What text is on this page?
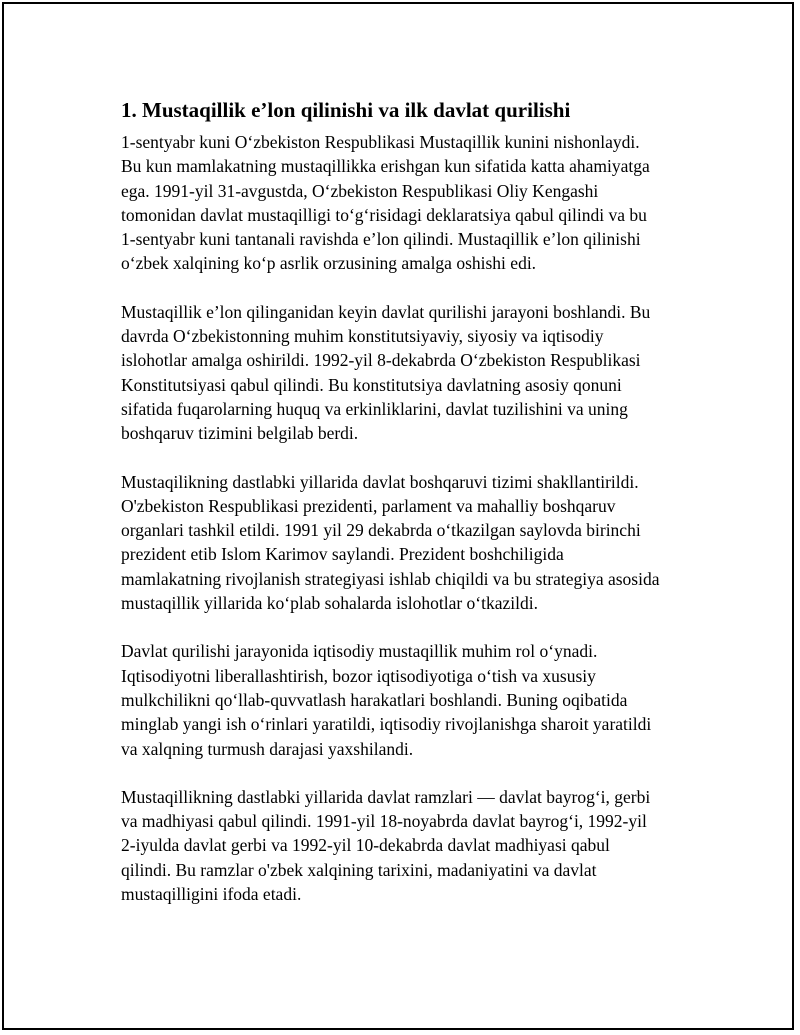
1. Mustaqillik e’lon qilinishi va ilk davlat qurilishi

1-sentyabr kuni O‘zbekiston Respublikasi Mustaqillik kunini nishonlaydi.
Bu kun mamlakatning mustaqillikka erishgan kun sifatida katta ahamiyatga
ega. 1991-yil 31-avgustda, O‘zbekiston Respublikasi Oliy Kengashi
tomonidan davlat mustaqilligi to‘g‘risidagi deklaratsiya qabul qilindi va bu
1-sentyabr kuni tantanali ravishda e’lon qilindi. Mustaqillik e’lon qilinishi
o‘zbek xalqining ko‘p asrlik orzusining amalga oshishi edi.

Mustaqillik e’lon qilinganidan keyin davlat qurilishi jarayoni boshlandi. Bu
davrda O‘zbekistonning muhim konstitutsiyaviy, siyosiy va iqtisodiy
islohotlar amalga oshirildi. 1992-yil 8-dekabrda O‘zbekiston Respublikasi
Konstitutsiyasi qabul qilindi. Bu konstitutsiya davlatning asosiy qonuni
sifatida fuqarolarning huquq va erkinliklarini, davlat tuzilishini va uning
boshqaruv tizimini belgilab berdi.

Mustaqilikning dastlabki yillarida davlat boshqaruvi tizimi shakllantirildi.
O'zbekiston Respublikasi prezidenti, parlament va mahalliy boshqaruv
organlari tashkil etildi. 1991 yil 29 dekabrda o‘tkazilgan saylovda birinchi
prezident etib Islom Karimov saylandi. Prezident boshchiligida
mamlakatning rivojlanish strategiyasi ishlab chiqildi va bu strategiya asosida
mustaqillik yillarida ko‘plab sohalarda islohotlar o‘tkazildi.

Davlat qurilishi jarayonida iqtisodiy mustaqillik muhim rol o‘ynadi.
Iqtisodiyotni liberallashtirish, bozor iqtisodiyotiga o‘tish va xususiy
mulkchilikni qo‘llab-quvvatlash harakatlari boshlandi. Buning oqibatida
minglab yangi ish o‘rinlari yaratildi, iqtisodiy rivojlanishga sharoit yaratildi
va xalqning turmush darajasi yaxshilandi.

Mustaqillikning dastlabki yillarida davlat ramzlari — davlat bayrog‘i, gerbi
va madhiyasi qabul qilindi. 1991-yil 18-noyabrda davlat bayrog‘i, 1992-yil
2-iyulda davlat gerbi va 1992-yil 10-dekabrda davlat madhiyasi qabul
qilindi. Bu ramzlar o'zbek xalqining tarixini, madaniyatini va davlat
mustaqilligini ifoda etadi.
